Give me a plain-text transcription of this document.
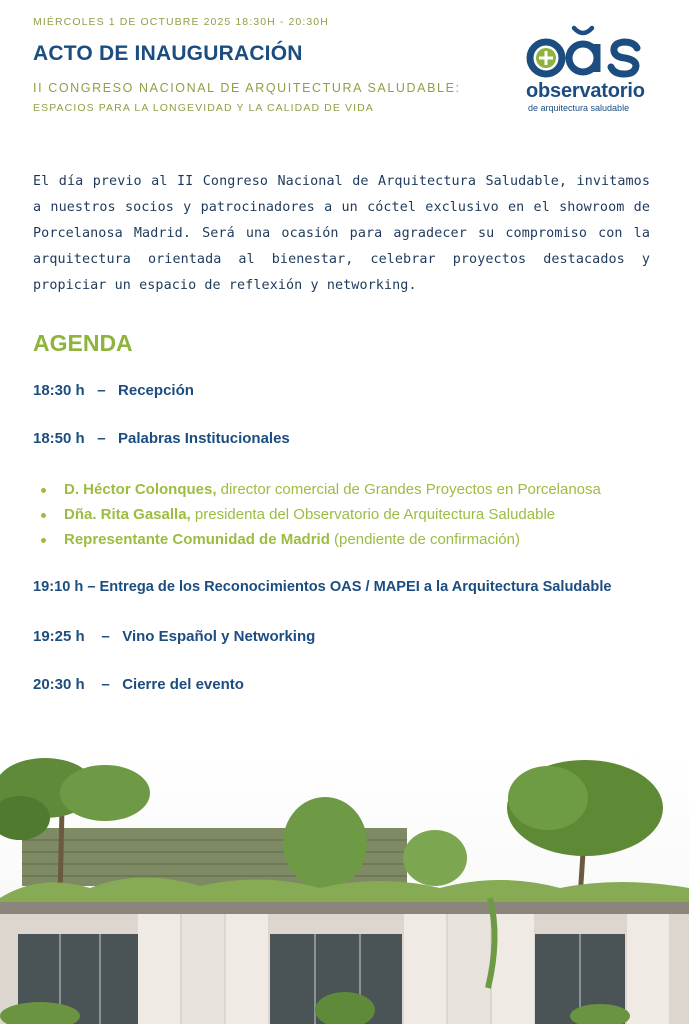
MIÉRCOLES 1 DE OCTUBRE 2025 18:30H - 20:30H
ACTO DE INAUGURACIÓN
II CONGRESO NACIONAL DE ARQUITECTURA SALUDABLE:
ESPACIOS PARA LA LONGEVIDAD Y LA CALIDAD DE VIDA
observatorio
de arquitectura saludable

El día previo al II Congreso Nacional de Arquitectura Saludable, invitamos a nuestros socios y patrocinadores a un cóctel exclusivo en el showroom de Porcelanosa Madrid. Será una ocasión para agradecer su compromiso con la arquitectura orientada al bienestar, celebrar proyectos destacados y propiciar un espacio de reflexión y networking.

AGENDA
18:30 h   –   Recepción
18:50 h   –   Palabras Institucionales
D. Héctor Colonques, director comercial de Grandes Proyectos en Porcelanosa
Dña. Rita Gasalla, presidenta del Observatorio de Arquitectura Saludable
Representante Comunidad de Madrid (pendiente de confirmación)
19:10 h – Entrega de los Reconocimientos OAS / MAPEI a la Arquitectura Saludable
19:25 h    –   Vino Español y Networking
20:30 h    –   Cierre del evento
